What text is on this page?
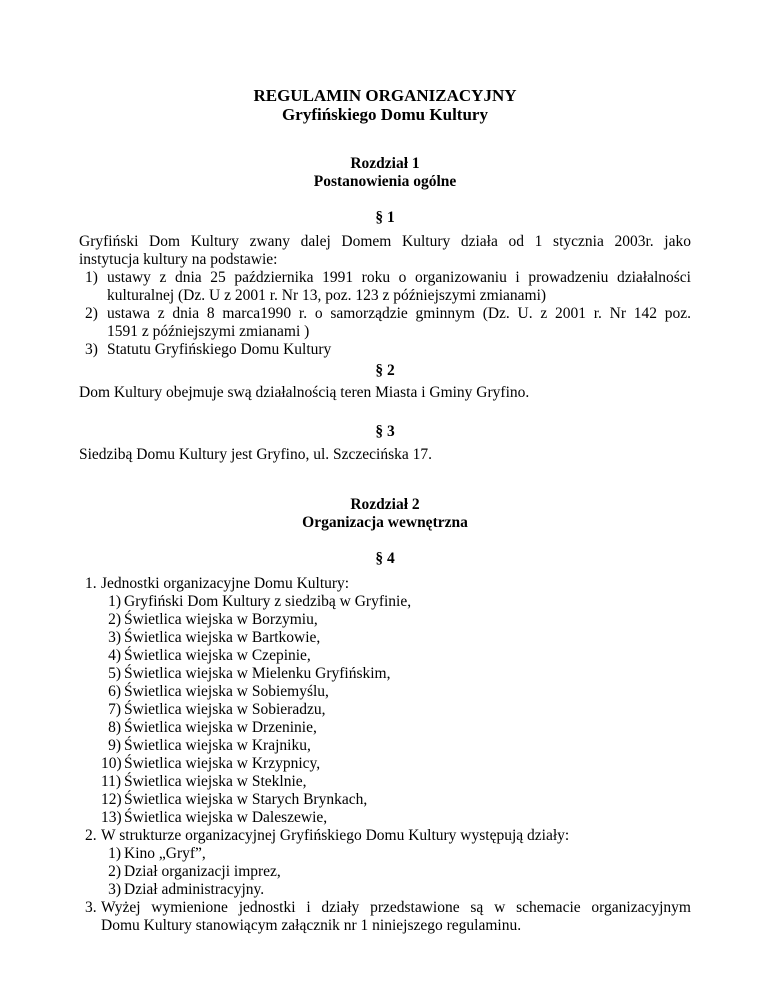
REGULAMIN ORGANIZACYJNY
Gryfińskiego Domu Kultury
Rozdział 1
Postanowienia ogólne
§ 1
Gryfiński Dom Kultury zwany dalej Domem Kultury działa od 1 stycznia 2003r. jako
instytucja kultury na podstawie:
1) ustawy z dnia 25 października 1991 roku o organizowaniu i prowadzeniu działalności
kulturalnej (Dz. U z 2001 r. Nr 13, poz. 123 z późniejszymi zmianami)
2) ustawa z dnia 8 marca1990 r. o samorządzie gminnym (Dz. U. z 2001 r. Nr 142 poz.
1591 z późniejszymi zmianami )
3) Statutu Gryfińskiego Domu Kultury
§ 2
Dom Kultury obejmuje swą działalnością teren Miasta i Gminy Gryfino.
§ 3
Siedzibą Domu Kultury jest Gryfino, ul. Szczecińska 17.
Rozdział 2
Organizacja wewnętrzna
§ 4
1. Jednostki organizacyjne Domu Kultury:
1) Gryfiński Dom Kultury z siedzibą w Gryfinie,
2) Świetlica wiejska w Borzymiu,
3) Świetlica wiejska w Bartkowie,
4) Świetlica wiejska w Czepinie,
5) Świetlica wiejska w Mielenku Gryfińskim,
6) Świetlica wiejska w Sobiemyślu,
7) Świetlica wiejska w Sobieradzu,
8) Świetlica wiejska w Drzeninie,
9) Świetlica wiejska w Krajniku,
10) Świetlica wiejska w Krzypnicy,
11) Świetlica wiejska w Steklnie,
12) Świetlica wiejska w Starych Brynkach,
13) Świetlica wiejska w Daleszewie,
2. W strukturze organizacyjnej Gryfińskiego Domu Kultury występują działy:
1) Kino „Gryf”,
2) Dział organizacji imprez,
3) Dział administracyjny.
3. Wyżej wymienione jednostki i działy przedstawione są w schemacie organizacyjnym
Domu Kultury stanowiącym załącznik nr 1 niniejszego regulaminu.
